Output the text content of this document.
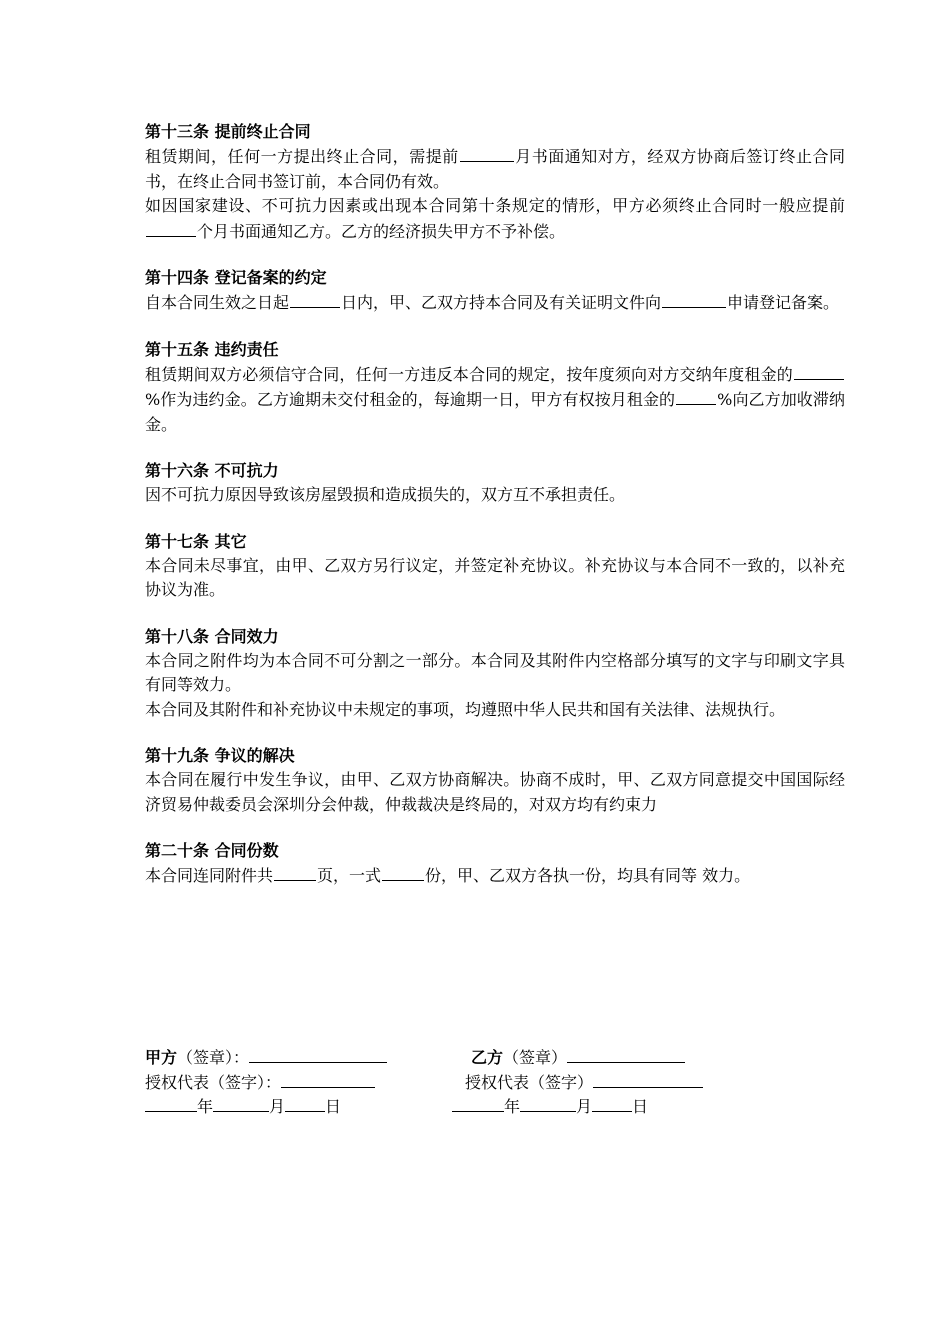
第十三条 提前终止合同

租赁期间，任何一方提出终止合同，需提前	月书面通知对方，经双方协商后签订终止合同书，在终止合同书签订前，本合同仍有效。

如因国家建设、不可抗力因素或出现本合同第十条规定的情形，甲方必须终止合同时一般应提前个月书面通知乙方。乙方的经济损失甲方不予补偿。

第十四条 登记备案的约定

自本合同生效之日起	日内，甲、乙双方持本合同及有关证明文件向	申请登记备案。

第十五条 违约责任

租赁期间双方必须信守合同，任何一方违反本合同的规定，按年度须向对方交纳年度租金的%作为违约金。乙方逾期未交付租金的，每逾期一日，甲方有权按月租金的	%向乙方加收滞纳金。

第十六条 不可抗力

因不可抗力原因导致该房屋毁损和造成损失的，双方互不承担责任。

第十七条 其它

本合同未尽事宜，由甲、乙双方另行议定，并签定补充协议。补充协议与本合同不一致的，以补充协议为准。

第十八条 合同效力

本合同之附件均为本合同不可分割之一部分。本合同及其附件内空格部分填写的文字与印刷文字具有同等效力。

本合同及其附件和补充协议中未规定的事项，均遵照中华人民共和国有关法律、法规执行。

第十九条 争议的解决

本合同在履行中发生争议，由甲、乙双方协商解决。协商不成时，甲、乙双方同意提交中国国际经济贸易仲裁委员会深圳分会仲裁，仲裁裁决是终局的，对双方均有约束力

第二十条 合同份数

本合同连同附件共	页，一式	份，甲、乙双方各执一份，均具有同等 效力。

甲方（签章）：	乙方（签章）
授权代表（签字）：	授权代表（签字）
年	月	日	年	月	日
